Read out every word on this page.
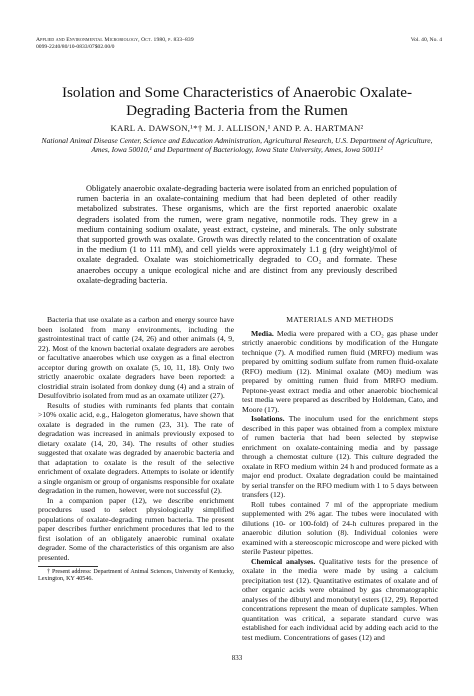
Applied and Environmental Microbiology, Oct. 1980, p. 833–839
0099-2240/80/10-0833/07$02.00/0
Vol. 40, No. 4
Isolation and Some Characteristics of Anaerobic Oxalate-
Degrading Bacteria from the Rumen
KARL A. DAWSON,¹*† M. J. ALLISON,¹ AND P. A. HARTMAN²
National Animal Disease Center, Science and Education Administration, Agricultural Research, U.S. Department of Agriculture, Ames, Iowa 50010,¹ and Department of Bacteriology, Iowa State University, Ames, Iowa 50011²
Obligately anaerobic oxalate-degrading bacteria were isolated from an enriched population of rumen bacteria in an oxalate-containing medium that had been depleted of other readily metabolized substrates. These organisms, which are the first reported anaerobic oxalate degraders isolated from the rumen, were gram negative, nonmotile rods. They grew in a medium containing sodium oxalate, yeast extract, cysteine, and minerals. The only substrate that supported growth was oxalate. Growth was directly related to the concentration of oxalate in the medium (1 to 111 mM), and cell yields were approximately 1.1 g (dry weight)/mol of oxalate degraded. Oxalate was stoichiometrically degraded to CO₂ and formate. These anaerobes occupy a unique ecological niche and are distinct from any previously described oxalate-degrading bacteria.

Bacteria that use oxalate as a carbon and energy source have been isolated from many environments, including the gastrointestinal tract of cattle (24, 26) and other animals (4, 9, 22). Most of the known bacterial oxalate degraders are aerobes or facultative anaerobes which use oxygen as a final electron acceptor during growth on oxalate (5, 10, 11, 18). Only two strictly anaerobic oxalate degraders have been reported: a clostridial strain isolated from donkey dung (4) and a strain of Desulfovibrio isolated from mud as an oxamate utilizer (27).

Results of studies with ruminants fed plants that contain >10% oxalic acid, e.g., Halogeton glomeratus, have shown that oxalate is degraded in the rumen (23, 31). The rate of degradation was increased in animals previously exposed to dietary oxalate (14, 20, 34). The results of other studies suggested that oxalate was degraded by anaerobic bacteria and that adaptation to oxalate is the result of the selective enrichment of oxalate degraders. Attempts to isolate or identify a single organism or group of organisms responsible for oxalate degradation in the rumen, however, were not successful (2).

In a companion paper (12), we describe enrichment procedures used to select physiologically simplified populations of oxalate-degrading rumen bacteria. The present paper describes further enrichment procedures that led to the first isolation of an obligately anaerobic ruminal oxalate degrader. Some of the characteristics of this organism are also presented.

† Present address: Department of Animal Sciences, University of Kentucky, Lexington, KY 40546.

MATERIALS AND METHODS

Media. Media were prepared with a CO₂ gas phase under strictly anaerobic conditions by modification of the Hungate technique (7). A modified rumen fluid (MRFO) medium was prepared by omitting sodium sulfate from rumen fluid-oxalate (RFO) medium (12). Minimal oxalate (MO) medium was prepared by omitting rumen fluid from MRFO medium. Peptone-yeast extract media and other anaerobic biochemical test media were prepared as described by Holdeman, Cato, and Moore (17).

Isolations. The inoculum used for the enrichment steps described in this paper was obtained from a complex mixture of rumen bacteria that had been selected by stepwise enrichment on oxalate-containing media and by passage through a chemostat culture (12). This culture degraded the oxalate in RFO medium within 24 h and produced formate as a major end product. Oxalate degradation could be maintained by serial transfer on the RFO medium with 1 to 5 days between transfers (12).

Roll tubes contained 7 ml of the appropriate medium supplemented with 2% agar. The tubes were inoculated with dilutions (10- or 100-fold) of 24-h cultures prepared in the anaerobic dilution solution (8). Individual colonies were examined with a stereoscopic microscope and were picked with sterile Pasteur pipettes.

Chemical analyses. Qualitative tests for the presence of oxalate in the media were made by using a calcium precipitation test (12). Quantitative estimates of oxalate and of other organic acids were obtained by gas chromatographic analyses of the dibutyl and monobutyl esters (12, 29). Reported concentrations represent the mean of duplicate samples. When quantitation was critical, a separate standard curve was established for each individual acid by adding each acid to the test medium. Concentrations of gases (12) and

833
